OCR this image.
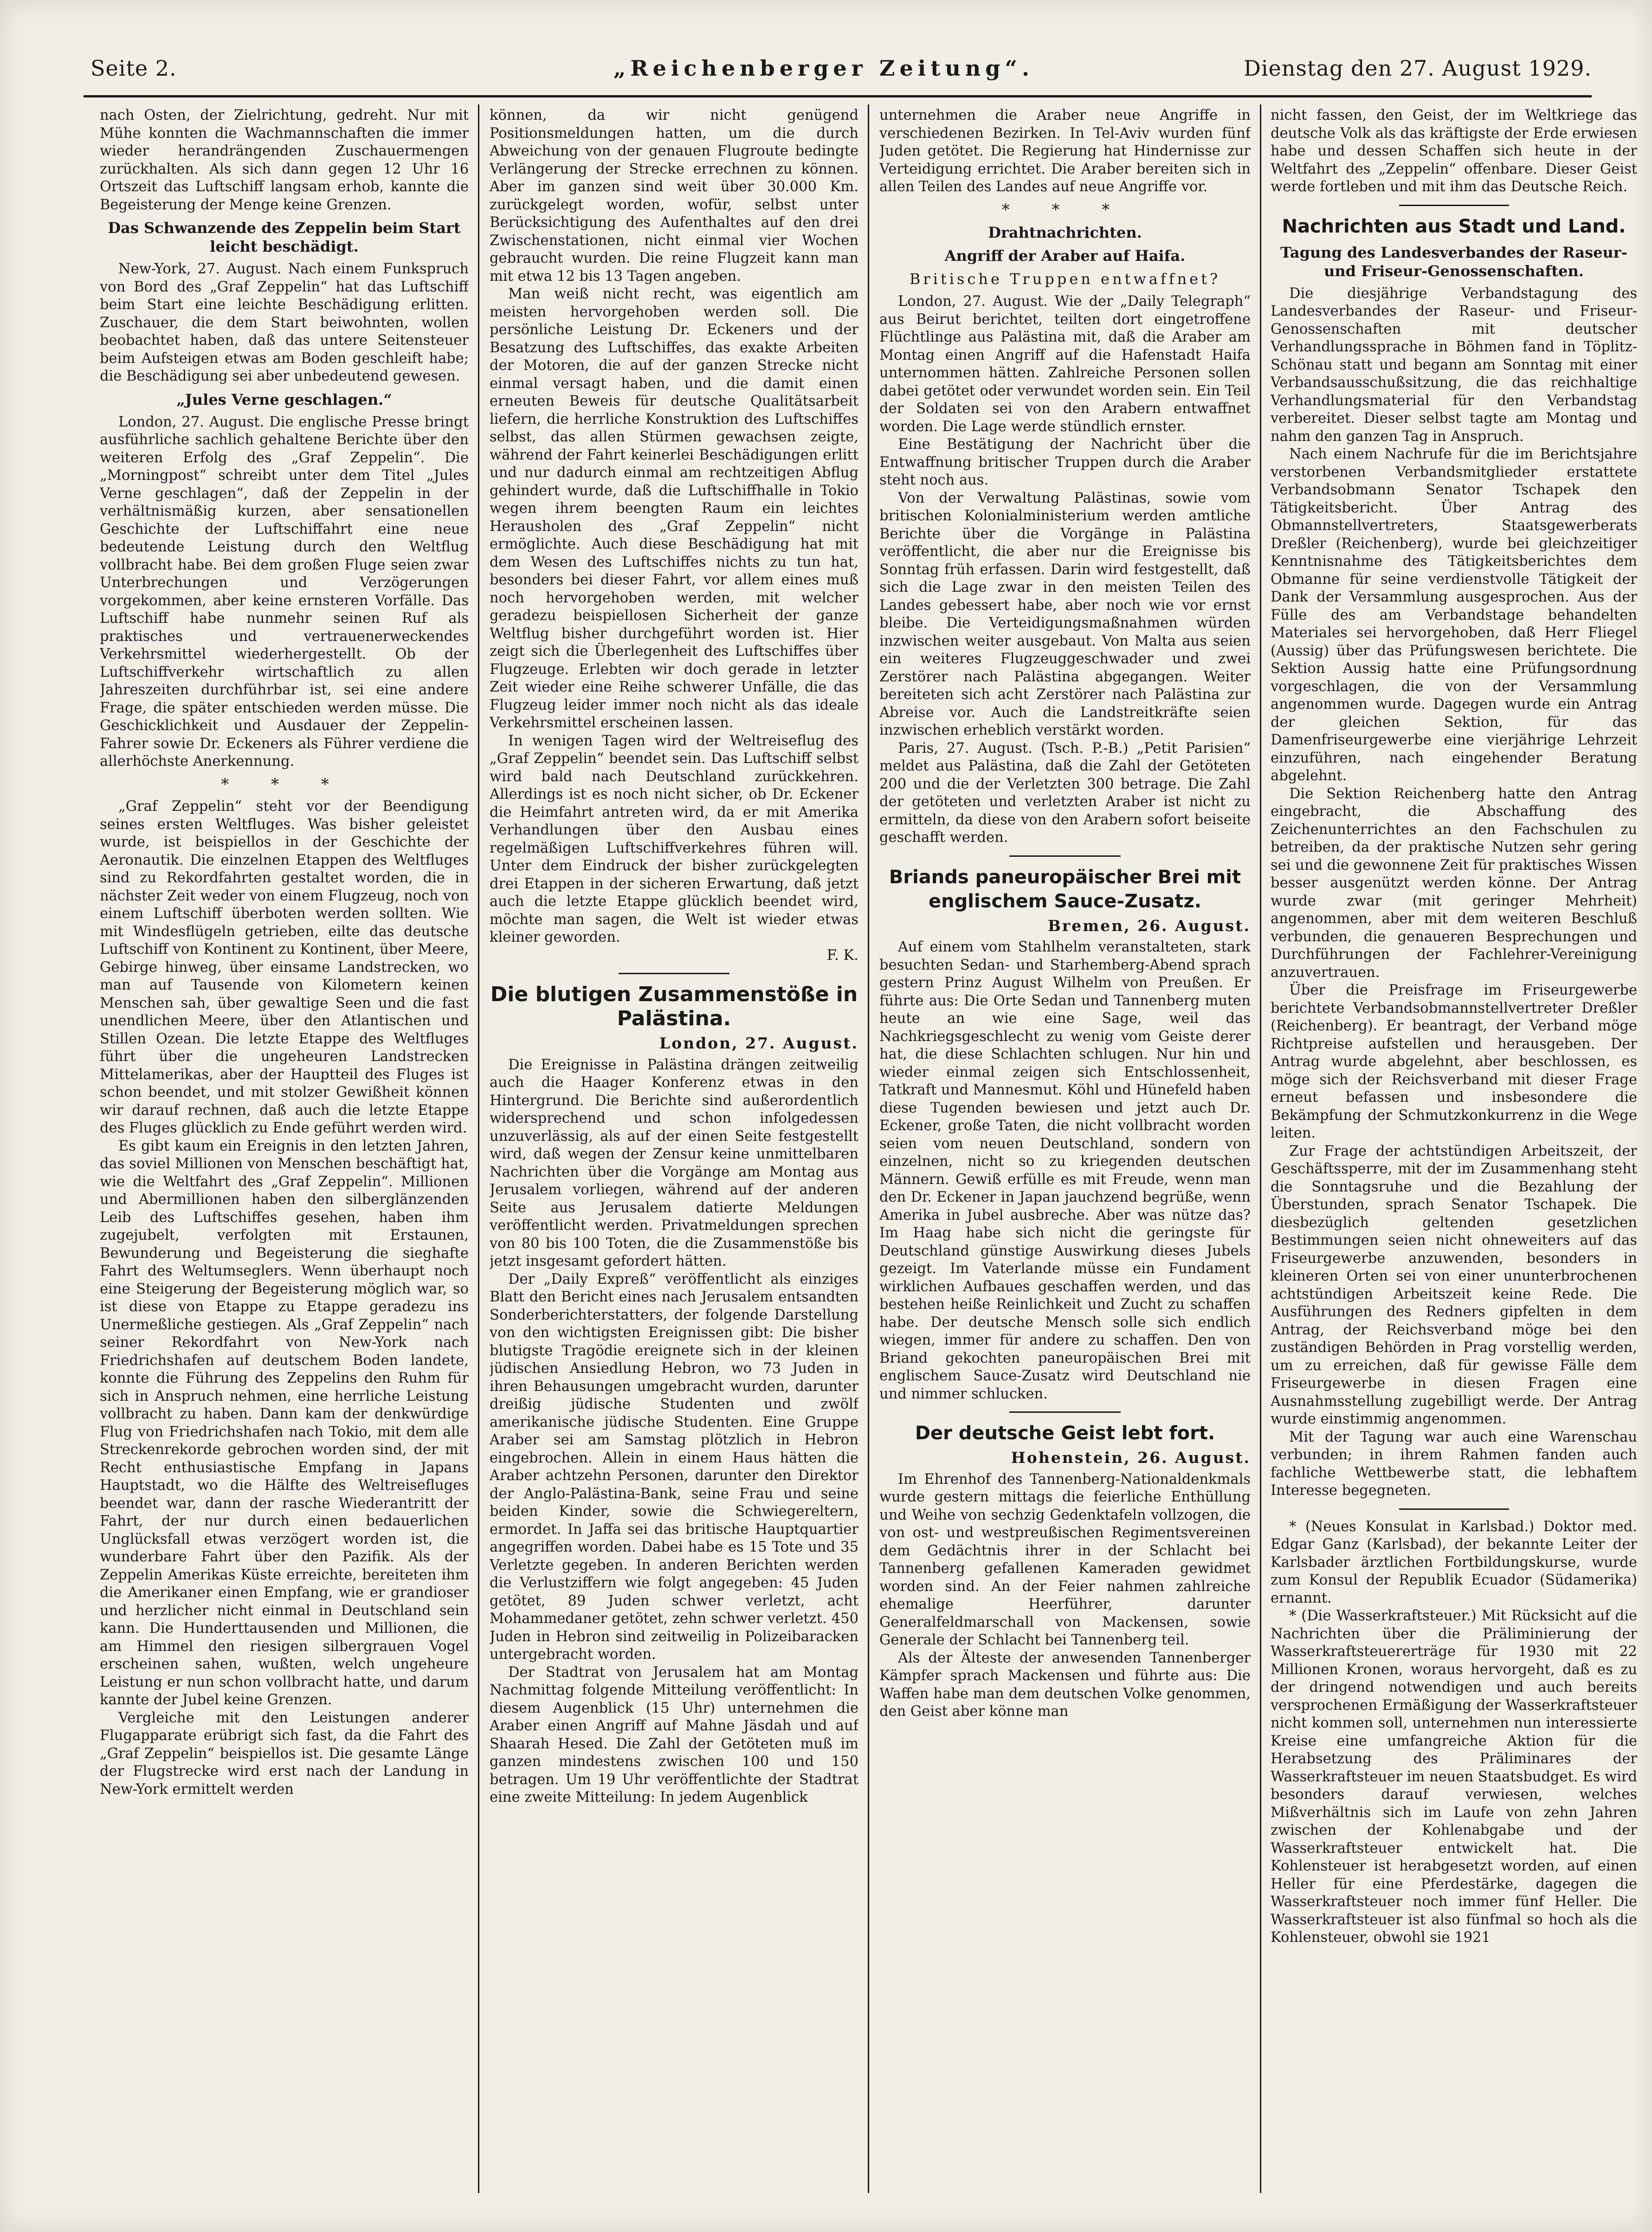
Seite 2.	„Reichenberger Zeitung“.	Dienstag den 27. August 1929.

nach Osten, der Zielrichtung, gedreht. Nur mit Mühe konnten die Wachmannschaften die immer wieder herandrängenden Zuschauermengen zurückhalten. Als sich dann gegen 12 Uhr 16 Ortszeit das Luftschiff langsam erhob, kannte die Begeisterung der Menge keine Grenzen.

Das Schwanzende des Zeppelin beim Start leicht beschädigt.

New-York, 27. August. Nach einem Funkspruch von Bord des „Graf Zeppelin“ hat das Luftschiff beim Start eine leichte Beschädigung erlitten. Zuschauer, die dem Start beiwohnten, wollen beobachtet haben, daß das untere Seitensteuer beim Aufsteigen etwas am Boden geschleift habe; die Beschädigung sei aber unbedeutend gewesen.

„Jules Verne geschlagen.“

London, 27. August. Die englische Presse bringt ausführliche sachlich gehaltene Berichte über den weiteren Erfolg des „Graf Zeppelin“. Die „Morningpost“ schreibt unter dem Titel „Jules Verne geschlagen“, daß der Zeppelin in der verhältnismäßig kurzen, aber sensationellen Geschichte der Luftschiffahrt eine neue bedeutende Leistung durch den Weltflug vollbracht habe. Bei dem großen Fluge seien zwar Unterbrechungen und Verzögerungen vorgekommen, aber keine ernsteren Vorfälle. Das Luftschiff habe nunmehr seinen Ruf als praktisches und vertrauenerweckendes Verkehrsmittel wiederhergestellt. Ob der Luftschiffverkehr wirtschaftlich zu allen Jahreszeiten durchführbar ist, sei eine andere Frage, die später entschieden werden müsse. Die Geschicklichkeit und Ausdauer der Zeppelin-Fahrer sowie Dr. Eckeners als Führer verdiene die allerhöchste Anerkennung.

* * *

„Graf Zeppelin“ steht vor der Beendigung seines ersten Weltfluges. Was bisher geleistet wurde, ist beispiellos in der Geschichte der Aeronautik. Die einzelnen Etappen des Weltfluges sind zu Rekordfahrten gestaltet worden, die in nächster Zeit weder von einem Flugzeug, noch von einem Luftschiff überboten werden sollten. Wie mit Windesflügeln getrieben, eilte das deutsche Luftschiff von Kontinent zu Kontinent, über Meere, Gebirge hinweg, über einsame Landstrecken, wo man auf Tausende von Kilometern keinen Menschen sah, über gewaltige Seen und die fast unendlichen Meere, über den Atlantischen und Stillen Ozean. Die letzte Etappe des Weltfluges führt über die ungeheuren Landstrecken Mittelamerikas, aber der Hauptteil des Fluges ist schon beendet, und mit stolzer Gewißheit können wir darauf rechnen, daß auch die letzte Etappe des Fluges glücklich zu Ende geführt werden wird.

Es gibt kaum ein Ereignis in den letzten Jahren, das soviel Millionen von Menschen beschäftigt hat, wie die Weltfahrt des „Graf Zeppelin“. Millionen und Abermillionen haben den silberglänzenden Leib des Luftschiffes gesehen, haben ihm zugejubelt, verfolgten mit Erstaunen, Bewunderung und Begeisterung die sieghafte Fahrt des Weltumseglers. Wenn überhaupt noch eine Steigerung der Begeisterung möglich war, so ist diese von Etappe zu Etappe geradezu ins Unermeßliche gestiegen. Als „Graf Zeppelin“ nach seiner Rekordfahrt von New-York nach Friedrichshafen auf deutschem Boden landete, konnte die Führung des Zeppelins den Ruhm für sich in Anspruch nehmen, eine herrliche Leistung vollbracht zu haben. Dann kam der denkwürdige Flug von Friedrichshafen nach Tokio, mit dem alle Streckenrekorde gebrochen worden sind, der mit Recht enthusiastische Empfang in Japans Hauptstadt, wo die Hälfte des Weltreisefluges beendet war, dann der rasche Wiederantritt der Fahrt, der nur durch einen bedauerlichen Unglücksfall etwas verzögert worden ist, die wunderbare Fahrt über den Pazifik. Als der Zeppelin Amerikas Küste erreichte, bereiteten ihm die Amerikaner einen Empfang, wie er grandioser und herzlicher nicht einmal in Deutschland sein kann. Die Hunderttausenden und Millionen, die am Himmel den riesigen silbergrauen Vogel erscheinen sahen, wußten, welch ungeheure Leistung er nun schon vollbracht hatte, und darum kannte der Jubel keine Grenzen.

Vergleiche mit den Leistungen anderer Flugapparate erübrigt sich fast, da die Fahrt des „Graf Zeppelin“ beispiellos ist. Die gesamte Länge der Flugstrecke wird erst nach der Landung in New-York ermittelt werden

können, da wir nicht genügend Positionsmeldungen hatten, um die durch Abweichung von der genauen Flugroute bedingte Verlängerung der Strecke errechnen zu können. Aber im ganzen sind weit über 30.000 Km. zurückgelegt worden, wofür, selbst unter Berücksichtigung des Aufenthaltes auf den drei Zwischenstationen, nicht einmal vier Wochen gebraucht wurden. Die reine Flugzeit kann man mit etwa 12 bis 13 Tagen angeben.

Man weiß nicht recht, was eigentlich am meisten hervorgehoben werden soll. Die persönliche Leistung Dr. Eckeners und der Besatzung des Luftschiffes, das exakte Arbeiten der Motoren, die auf der ganzen Strecke nicht einmal versagt haben, und die damit einen erneuten Beweis für deutsche Qualitätsarbeit liefern, die herrliche Konstruktion des Luftschiffes selbst, das allen Stürmen gewachsen zeigte, während der Fahrt keinerlei Beschädigungen erlitt und nur dadurch einmal am rechtzeitigen Abflug gehindert wurde, daß die Luftschiffhalle in Tokio wegen ihrem beengten Raum ein leichtes Herausholen des „Graf Zeppelin“ nicht ermöglichte. Auch diese Beschädigung hat mit dem Wesen des Luftschiffes nichts zu tun hat, besonders bei dieser Fahrt, vor allem eines muß noch hervorgehoben werden, mit welcher geradezu beispiellosen Sicherheit der ganze Weltflug bisher durchgeführt worden ist. Hier zeigt sich die Überlegenheit des Luftschiffes über Flugzeuge. Erlebten wir doch gerade in letzter Zeit wieder eine Reihe schwerer Unfälle, die das Flugzeug leider immer noch nicht als das ideale Verkehrsmittel erscheinen lassen.

In wenigen Tagen wird der Weltreiseflug des „Graf Zeppelin“ beendet sein. Das Luftschiff selbst wird bald nach Deutschland zurückkehren. Allerdings ist es noch nicht sicher, ob Dr. Eckener die Heimfahrt antreten wird, da er mit Amerika Verhandlungen über den Ausbau eines regelmäßigen Luftschiffverkehres führen will. Unter dem Eindruck der bisher zurückgelegten drei Etappen in der sicheren Erwartung, daß jetzt auch die letzte Etappe glücklich beendet wird, möchte man sagen, die Welt ist wieder etwas kleiner geworden.

F. K.
Die blutigen Zusammenstöße in Palästina.
London, 27. August.

Die Ereignisse in Palästina drängen zeitweilig auch die Haager Konferenz etwas in den Hintergrund. Die Berichte sind außerordentlich widersprechend und schon infolgedessen unzuverlässig, als auf der einen Seite festgestellt wird, daß wegen der Zensur keine unmittelbaren Nachrichten über die Vorgänge am Montag aus Jerusalem vorliegen, während auf der anderen Seite aus Jerusalem datierte Meldungen veröffentlicht werden. Privatmeldungen sprechen von 80 bis 100 Toten, die die Zusammenstöße bis jetzt insgesamt gefordert hätten.

Der „Daily Expreß“ veröffentlicht als einziges Blatt den Bericht eines nach Jerusalem entsandten Sonderberichterstatters, der folgende Darstellung von den wichtigsten Ereignissen gibt: Die bisher blutigste Tragödie ereignete sich in der kleinen jüdischen Ansiedlung Hebron, wo 73 Juden in ihren Behausungen umgebracht wurden, darunter dreißig jüdische Studenten und zwölf amerikanische jüdische Studenten. Eine Gruppe Araber sei am Samstag plötzlich in Hebron eingebrochen. Allein in einem Haus hätten die Araber achtzehn Personen, darunter den Direktor der Anglo-Palästina-Bank, seine Frau und seine beiden Kinder, sowie die Schwiegereltern, ermordet. In Jaffa sei das britische Hauptquartier angegriffen worden. Dabei habe es 15 Tote und 35 Verletzte gegeben. In anderen Berichten werden die Verlustziffern wie folgt angegeben: 45 Juden getötet, 89 Juden schwer verletzt, acht Mohammedaner getötet, zehn schwer verletzt. 450 Juden in Hebron sind zeitweilig in Polizeibaracken untergebracht worden.

Der Stadtrat von Jerusalem hat am Montag Nachmittag folgende Mitteilung veröffentlicht: In diesem Augenblick (15 Uhr) unternehmen die Araber einen Angriff auf Mahne Jäsdah und auf Shaarah Hesed. Die Zahl der Getöteten muß im ganzen mindestens zwischen 100 und 150 betragen. Um 19 Uhr veröffentlichte der Stadtrat eine zweite Mitteilung: In jedem Augenblick

unternehmen die Araber neue Angriffe in verschiedenen Bezirken. In Tel-Aviv wurden fünf Juden getötet. Die Regierung hat Hindernisse zur Verteidigung errichtet. Die Araber bereiten sich in allen Teilen des Landes auf neue Angriffe vor.

* * *
Drahtnachrichten.
Angriff der Araber auf Haifa.
Britische Truppen entwaffnet?

London, 27. August. Wie der „Daily Telegraph“ aus Beirut berichtet, teilten dort eingetroffene Flüchtlinge aus Palästina mit, daß die Araber am Montag einen Angriff auf die Hafenstadt Haifa unternommen hätten. Zahlreiche Personen sollen dabei getötet oder verwundet worden sein. Ein Teil der Soldaten sei von den Arabern entwaffnet worden. Die Lage werde stündlich ernster.

Eine Bestätigung der Nachricht über die Entwaffnung britischer Truppen durch die Araber steht noch aus.

Von der Verwaltung Palästinas, sowie vom britischen Kolonialministerium werden amtliche Berichte über die Vorgänge in Palästina veröffentlicht, die aber nur die Ereignisse bis Sonntag früh erfassen. Darin wird festgestellt, daß sich die Lage zwar in den meisten Teilen des Landes gebessert habe, aber noch wie vor ernst bleibe. Die Verteidigungsmaßnahmen würden inzwischen weiter ausgebaut. Von Malta aus seien ein weiteres Flugzeuggeschwader und zwei Zerstörer nach Palästina abgegangen. Weiter bereiteten sich acht Zerstörer nach Palästina zur Abreise vor. Auch die Landstreitkräfte seien inzwischen erheblich verstärkt worden.

Paris, 27. August. (Tsch. P.-B.) „Petit Parisien“ meldet aus Palästina, daß die Zahl der Getöteten 200 und die der Verletzten 300 betrage. Die Zahl der getöteten und verletzten Araber ist nicht zu ermitteln, da diese von den Arabern sofort beiseite geschafft werden.

Briands paneuropäischer Brei mit englischem Sauce-Zusatz.
Bremen, 26. August.

Auf einem vom Stahlhelm veranstalteten, stark besuchten Sedan- und Starhemberg-Abend sprach gestern Prinz August Wilhelm von Preußen. Er führte aus: Die Orte Sedan und Tannenberg muten heute an wie eine Sage, weil das Nachkriegsgeschlecht zu wenig vom Geiste derer hat, die diese Schlachten schlugen. Nur hin und wieder einmal zeigen sich Entschlossenheit, Tatkraft und Mannesmut. Köhl und Hünefeld haben diese Tugenden bewiesen und jetzt auch Dr. Eckener, große Taten, die nicht vollbracht worden seien vom neuen Deutschland, sondern von einzelnen, nicht so zu kriegenden deutschen Männern. Gewiß erfülle es mit Freude, wenn man den Dr. Eckener in Japan jauchzend begrüße, wenn Amerika in Jubel ausbreche. Aber was nütze das? Im Haag habe sich nicht die geringste für Deutschland günstige Auswirkung dieses Jubels gezeigt. Im Vaterlande müsse ein Fundament wirklichen Aufbaues geschaffen werden, und das bestehen heiße Reinlichkeit und Zucht zu schaffen habe. Der deutsche Mensch solle sich endlich wiegen, immer für andere zu schaffen. Den von Briand gekochten paneuropäischen Brei mit englischem Sauce-Zusatz wird Deutschland nie und nimmer schlucken.

Der deutsche Geist lebt fort.
Hohenstein, 26. August.

Im Ehrenhof des Tannenberg-Nationaldenkmals wurde gestern mittags die feierliche Enthüllung und Weihe von sechzig Gedenktafeln vollzogen, die von ost- und westpreußischen Regimentsvereinen dem Gedächtnis ihrer in der Schlacht bei Tannenberg gefallenen Kameraden gewidmet worden sind. An der Feier nahmen zahlreiche ehemalige Heerführer, darunter Generalfeldmarschall von Mackensen, sowie Generale der Schlacht bei Tannenberg teil.

Als der Älteste der anwesenden Tannenberger Kämpfer sprach Mackensen und führte aus: Die Waffen habe man dem deutschen Volke genommen, den Geist aber könne man

nicht fassen, den Geist, der im Weltkriege das deutsche Volk als das kräftigste der Erde erwiesen habe und dessen Schaffen sich heute in der Weltfahrt des „Zeppelin“ offenbare. Dieser Geist werde fortleben und mit ihm das Deutsche Reich.

Nachrichten aus Stadt und Land.
Tagung des Landesverbandes der Raseur- und Friseur-Genossenschaften.

Die diesjährige Verbandstagung des Landesverbandes der Raseur- und Friseur-Genossenschaften mit deutscher Verhandlungssprache in Böhmen fand in Töplitz-Schönau statt und begann am Sonntag mit einer Verbandsausschußsitzung, die das reichhaltige Verhandlungsmaterial für den Verbandstag verbereitet. Dieser selbst tagte am Montag und nahm den ganzen Tag in Anspruch.

Nach einem Nachrufe für die im Berichtsjahre verstorbenen Verbandsmitglieder erstattete Verbandsobmann Senator Tschapek den Tätigkeitsbericht. Über Antrag des Obmannstellvertreters, Staatsgewerberats Dreßler (Reichenberg), wurde bei gleichzeitiger Kenntnisnahme des Tätigkeitsberichtes dem Obmanne für seine verdienstvolle Tätigkeit der Dank der Versammlung ausgesprochen. Aus der Fülle des am Verbandstage behandelten Materiales sei hervorgehoben, daß Herr Fliegel (Aussig) über das Prüfungswesen berichtete. Die Sektion Aussig hatte eine Prüfungsordnung vorgeschlagen, die von der Versammlung angenommen wurde. Dagegen wurde ein Antrag der gleichen Sektion, für das Damenfriseurgewerbe eine vierjährige Lehrzeit einzuführen, nach eingehender Beratung abgelehnt.

Die Sektion Reichenberg hatte den Antrag eingebracht, die Abschaffung des Zeichenunterrichtes an den Fachschulen zu betreiben, da der praktische Nutzen sehr gering sei und die gewonnene Zeit für praktisches Wissen besser ausgenützt werden könne. Der Antrag wurde zwar (mit geringer Mehrheit) angenommen, aber mit dem weiteren Beschluß verbunden, die genaueren Besprechungen und Durchführungen der Fachlehrer-Vereinigung anzuvertrauen.

Über die Preisfrage im Friseurgewerbe berichtete Verbandsobmannstellvertreter Dreßler (Reichenberg). Er beantragt, der Verband möge Richtpreise aufstellen und herausgeben. Der Antrag wurde abgelehnt, aber beschlossen, es möge sich der Reichsverband mit dieser Frage erneut befassen und insbesondere die Bekämpfung der Schmutzkonkurrenz in die Wege leiten.

Zur Frage der achtstündigen Arbeitszeit, der Geschäftssperre, mit der im Zusammenhang steht die Sonntagsruhe und die Bezahlung der Überstunden, sprach Senator Tschapek. Die diesbezüglich geltenden gesetzlichen Bestimmungen seien nicht ohneweiters auf das Friseurgewerbe anzuwenden, besonders in kleineren Orten sei von einer ununterbrochenen achtstündigen Arbeitszeit keine Rede. Die Ausführungen des Redners gipfelten in dem Antrag, der Reichsverband möge bei den zuständigen Behörden in Prag vorstellig werden, um zu erreichen, daß für gewisse Fälle dem Friseurgewerbe in diesen Fragen eine Ausnahmsstellung zugebilligt werde. Der Antrag wurde einstimmig angenommen.

Mit der Tagung war auch eine Warenschau verbunden; in ihrem Rahmen fanden auch fachliche Wettbewerbe statt, die lebhaftem Interesse begegneten.

* (Neues Konsulat in Karlsbad.) Doktor med. Edgar Ganz (Karlsbad), der bekannte Leiter der Karlsbader ärztlichen Fortbildungskurse, wurde zum Konsul der Republik Ecuador (Südamerika) ernannt.

* (Die Wasserkraftsteuer.) Mit Rücksicht auf die Nachrichten über die Präliminierung der Wasserkraftsteuererträge für 1930 mit 22 Millionen Kronen, woraus hervorgeht, daß es zu der dringend notwendigen und auch bereits versprochenen Ermäßigung der Wasserkraftsteuer nicht kommen soll, unternehmen nun interessierte Kreise eine umfangreiche Aktion für die Herabsetzung des Präliminares der Wasserkraftsteuer im neuen Staatsbudget. Es wird besonders darauf verwiesen, welches Mißverhältnis sich im Laufe von zehn Jahren zwischen der Kohlenabgabe und der Wasserkraftsteuer entwickelt hat. Die Kohlensteuer ist herabgesetzt worden, auf einen Heller für eine Pferdestärke, dagegen die Wasserkraftsteuer noch immer fünf Heller. Die Wasserkraftsteuer ist also fünfmal so hoch als die Kohlensteuer, obwohl sie 1921
